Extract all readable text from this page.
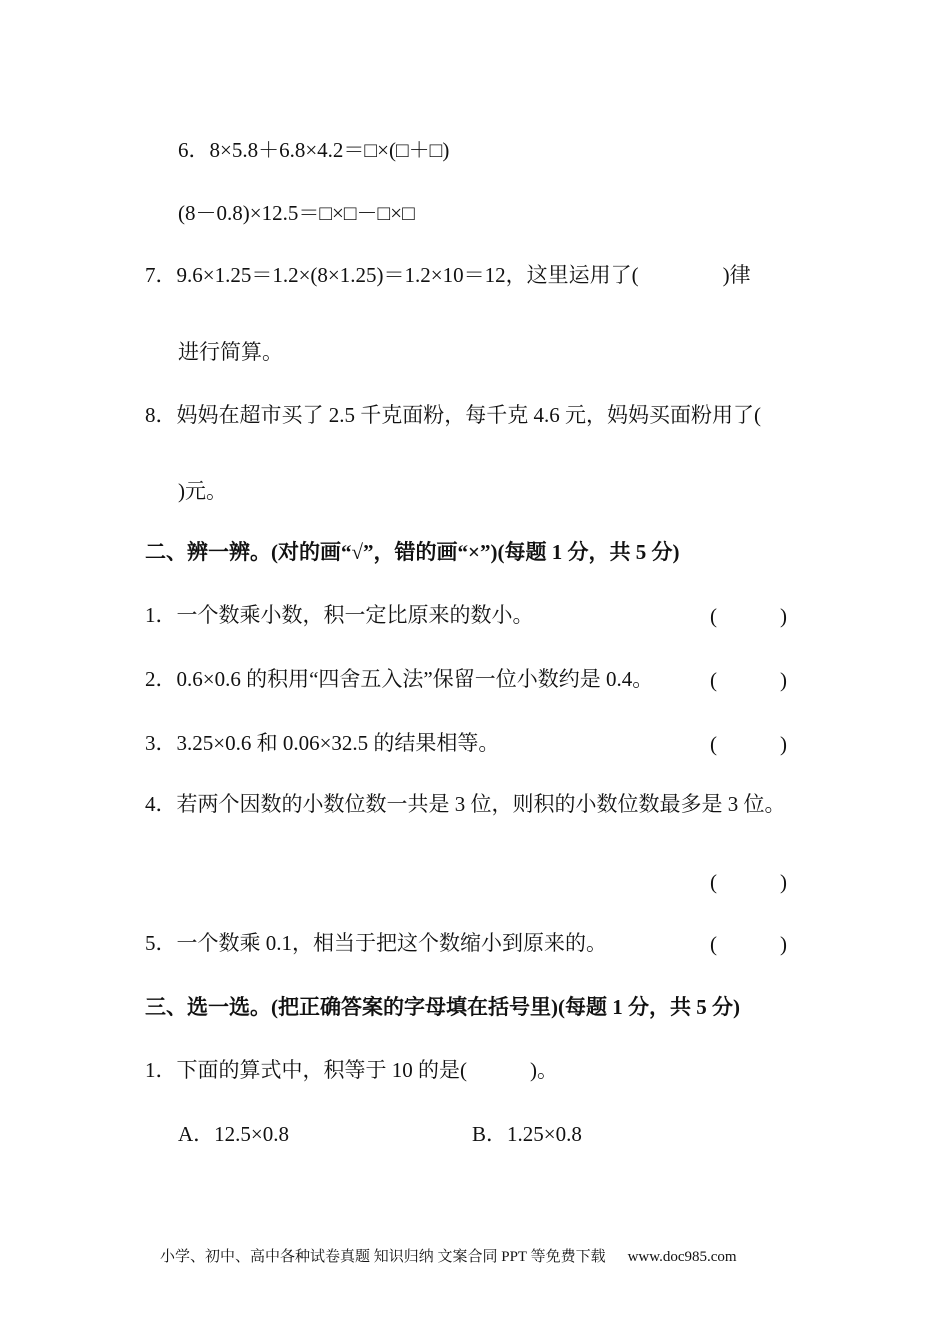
6．8×5.8＋6.8×4.2＝□×(□＋□)
(8－0.8)×12.5＝□×□－□×□
7．9.6×1.25＝1.2×(8×1.25)＝1.2×10＝12，这里运用了(　　　　)律
进行简算。
8．妈妈在超市买了 2.5 千克面粉，每千克 4.6 元，妈妈买面粉用了(
)元。
二、辨一辨。(对的画“√”，错的画“×”)(每题 1 分，共 5 分)
1．一个数乘小数，积一定比原来的数小。	(　　　)
2．0.6×0.6 的积用“四舍五入法”保留一位小数约是 0.4。	(　　　)
3．3.25×0.6 和 0.06×32.5 的结果相等。	(　　　)
4．若两个因数的小数位数一共是 3 位，则积的小数位数最多是 3 位。
(　　　)
5．一个数乘 0.1，相当于把这个数缩小到原来的。	(　　　)
三、选一选。(把正确答案的字母填在括号里)(每题 1 分，共 5 分)
1．下面的算式中，积等于 10 的是(　　　)。
A．12.5×0.8	B．1.25×0.8
小学、初中、高中各种试卷真题 知识归纳 文案合同 PPT 等免费下载 www.doc985.com
